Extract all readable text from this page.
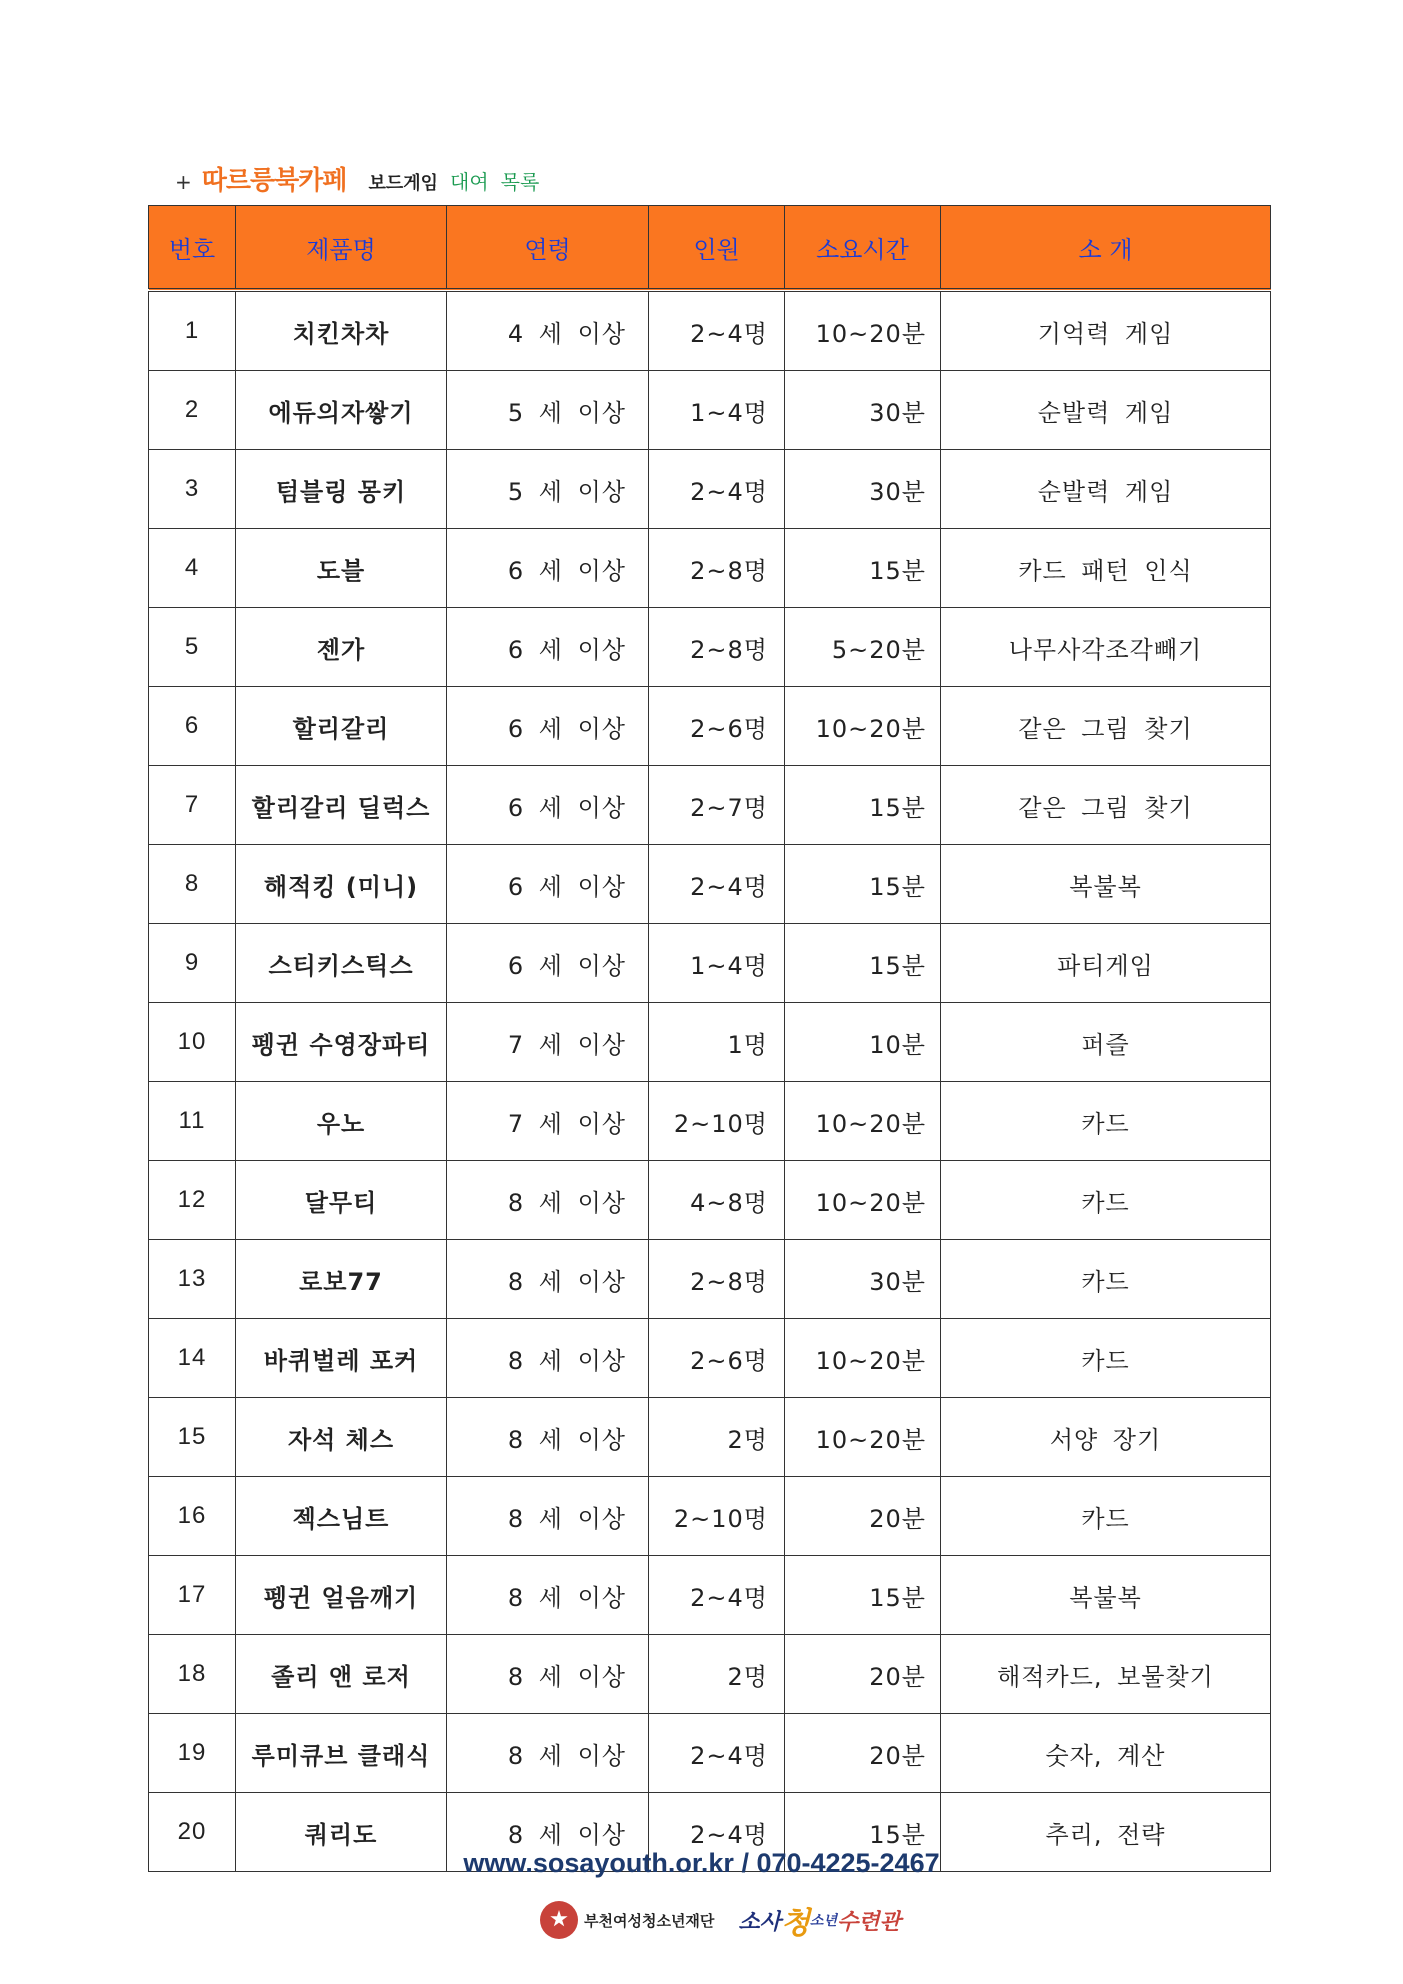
+ 따르릉북카페 보드게임 대여 목록
번호	제품명	연령	인원	소요시간	소 개
1	치킨차차	4 세 이상	2~4명	10~20분	기억력 게임
2	에듀의자쌓기	5 세 이상	1~4명	30분	순발력 게임
3	텀블링 몽키	5 세 이상	2~4명	30분	순발력 게임
4	도블	6 세 이상	2~8명	15분	카드 패턴 인식
5	젠가	6 세 이상	2~8명	5~20분	나무사각조각빼기
6	할리갈리	6 세 이상	2~6명	10~20분	같은 그림 찾기
7	할리갈리 딜럭스	6 세 이상	2~7명	15분	같은 그림 찾기
8	해적킹 (미니)	6 세 이상	2~4명	15분	복불복
9	스티키스틱스	6 세 이상	1~4명	15분	파티게임
10	펭귄 수영장파티	7 세 이상	1명	10분	퍼즐
11	우노	7 세 이상	2~10명	10~20분	카드
12	달무티	8 세 이상	4~8명	10~20분	카드
13	로보77	8 세 이상	2~8명	30분	카드
14	바퀴벌레 포커	8 세 이상	2~6명	10~20분	카드
15	자석 체스	8 세 이상	2명	10~20분	서양 장기
16	젝스님트	8 세 이상	2~10명	20분	카드
17	펭귄 얼음깨기	8 세 이상	2~4명	15분	복불복
18	졸리 앤 로저	8 세 이상	2명	20분	해적카드, 보물찾기
19	루미큐브 클래식	8 세 이상	2~4명	20분	숫자, 계산
20	쿼리도	8 세 이상	2~4명	15분	추리, 전략
www.sosayouth.or.kr / 070-4225-2467
부천여성청소년재단 소사 청 소년 수련관
